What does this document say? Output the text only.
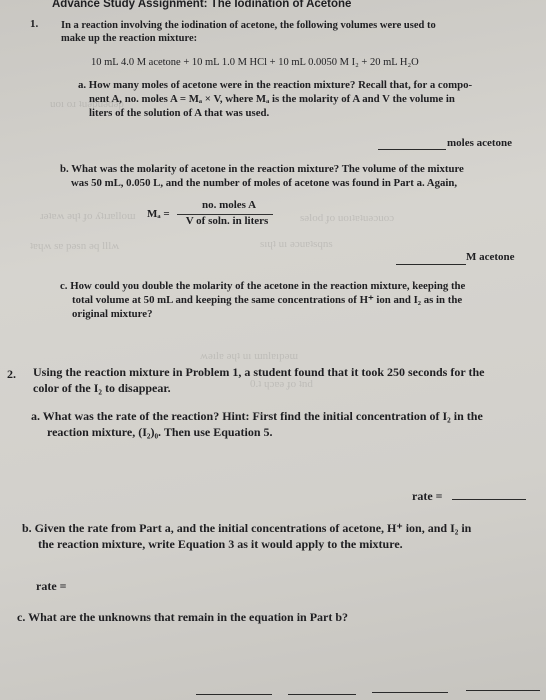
uoı oɹ ʇuǝpuǝdǝp
ɹǝʇɐʍ ǝɥʇ ɟo ʎʇıɹɐlloɯ	sǝlod ɟo uoıʇɐʇuǝɔuoɔ
ʇɐɥʍ sɐ pǝsn ǝq lllʍ	sıɥʇ uı ǝɔuɐʇsqns
ʍǝılɐ ǝɥʇ uı ɯnlɐıpǝɯ
0.ʇ ɥɔɐǝ ɟo ʇnd
Advance Study Assignment: The Iodination of Acetone
1. In a reaction involving the iodination of acetone, the following volumes were used to
make up the reaction mixture:
10 mL 4.0 M acetone + 10 mL 1.0 M HCl + 10 mL 0.0050 M I₂ + 20 mL H₂O
a. How many moles of acetone were in the reaction mixture? Recall that, for a compo-
nent A, no. moles A = Mₐ × V, where Mₐ is the molarity of A and V the volume in
liters of the solution of A that was used.
moles acetone
b. What was the molarity of acetone in the reaction mixture? The volume of the mixture
was 50 mL, 0.050 L, and the number of moles of acetone was found in Part a. Again,
Mₐ =
no. moles A
V of soln. in liters
M acetone
c. How could you double the molarity of the acetone in the reaction mixture, keeping the
total volume at 50 mL and keeping the same concentrations of H⁺ ion and I₂ as in the
original mixture?
2. Using the reaction mixture in Problem 1, a student found that it took 250 seconds for the
color of the I₂ to disappear.
a. What was the rate of the reaction? Hint: First find the initial concentration of I₂ in the
reaction mixture, (I₂)₀. Then use Equation 5.
rate =
b. Given the rate from Part a, and the initial concentrations of acetone, H⁺ ion, and I₂ in
the reaction mixture, write Equation 3 as it would apply to the mixture.
rate =
c. What are the unknowns that remain in the equation in Part b?
